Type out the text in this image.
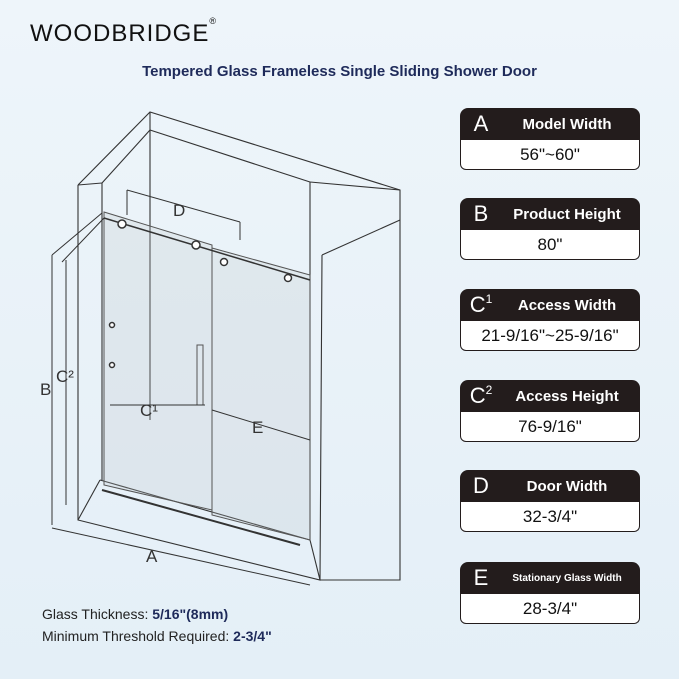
WOODBRIDGE®
Tempered Glass Frameless Single Sliding Shower Door
D
B
C²
C¹
E
A
A	Model Width
56"~60"
B	Product Height
80"
$C^1$	Access Width
21-9/16"~25-9/16"
$C^2$	Access Height
76-9/16"
D	Door Width
32-3/4"
E	Stationary Glass Width
28-3/4"
Glass Thickness: 5/16"(8mm)
Minimum Threshold Required: 2-3/4"
